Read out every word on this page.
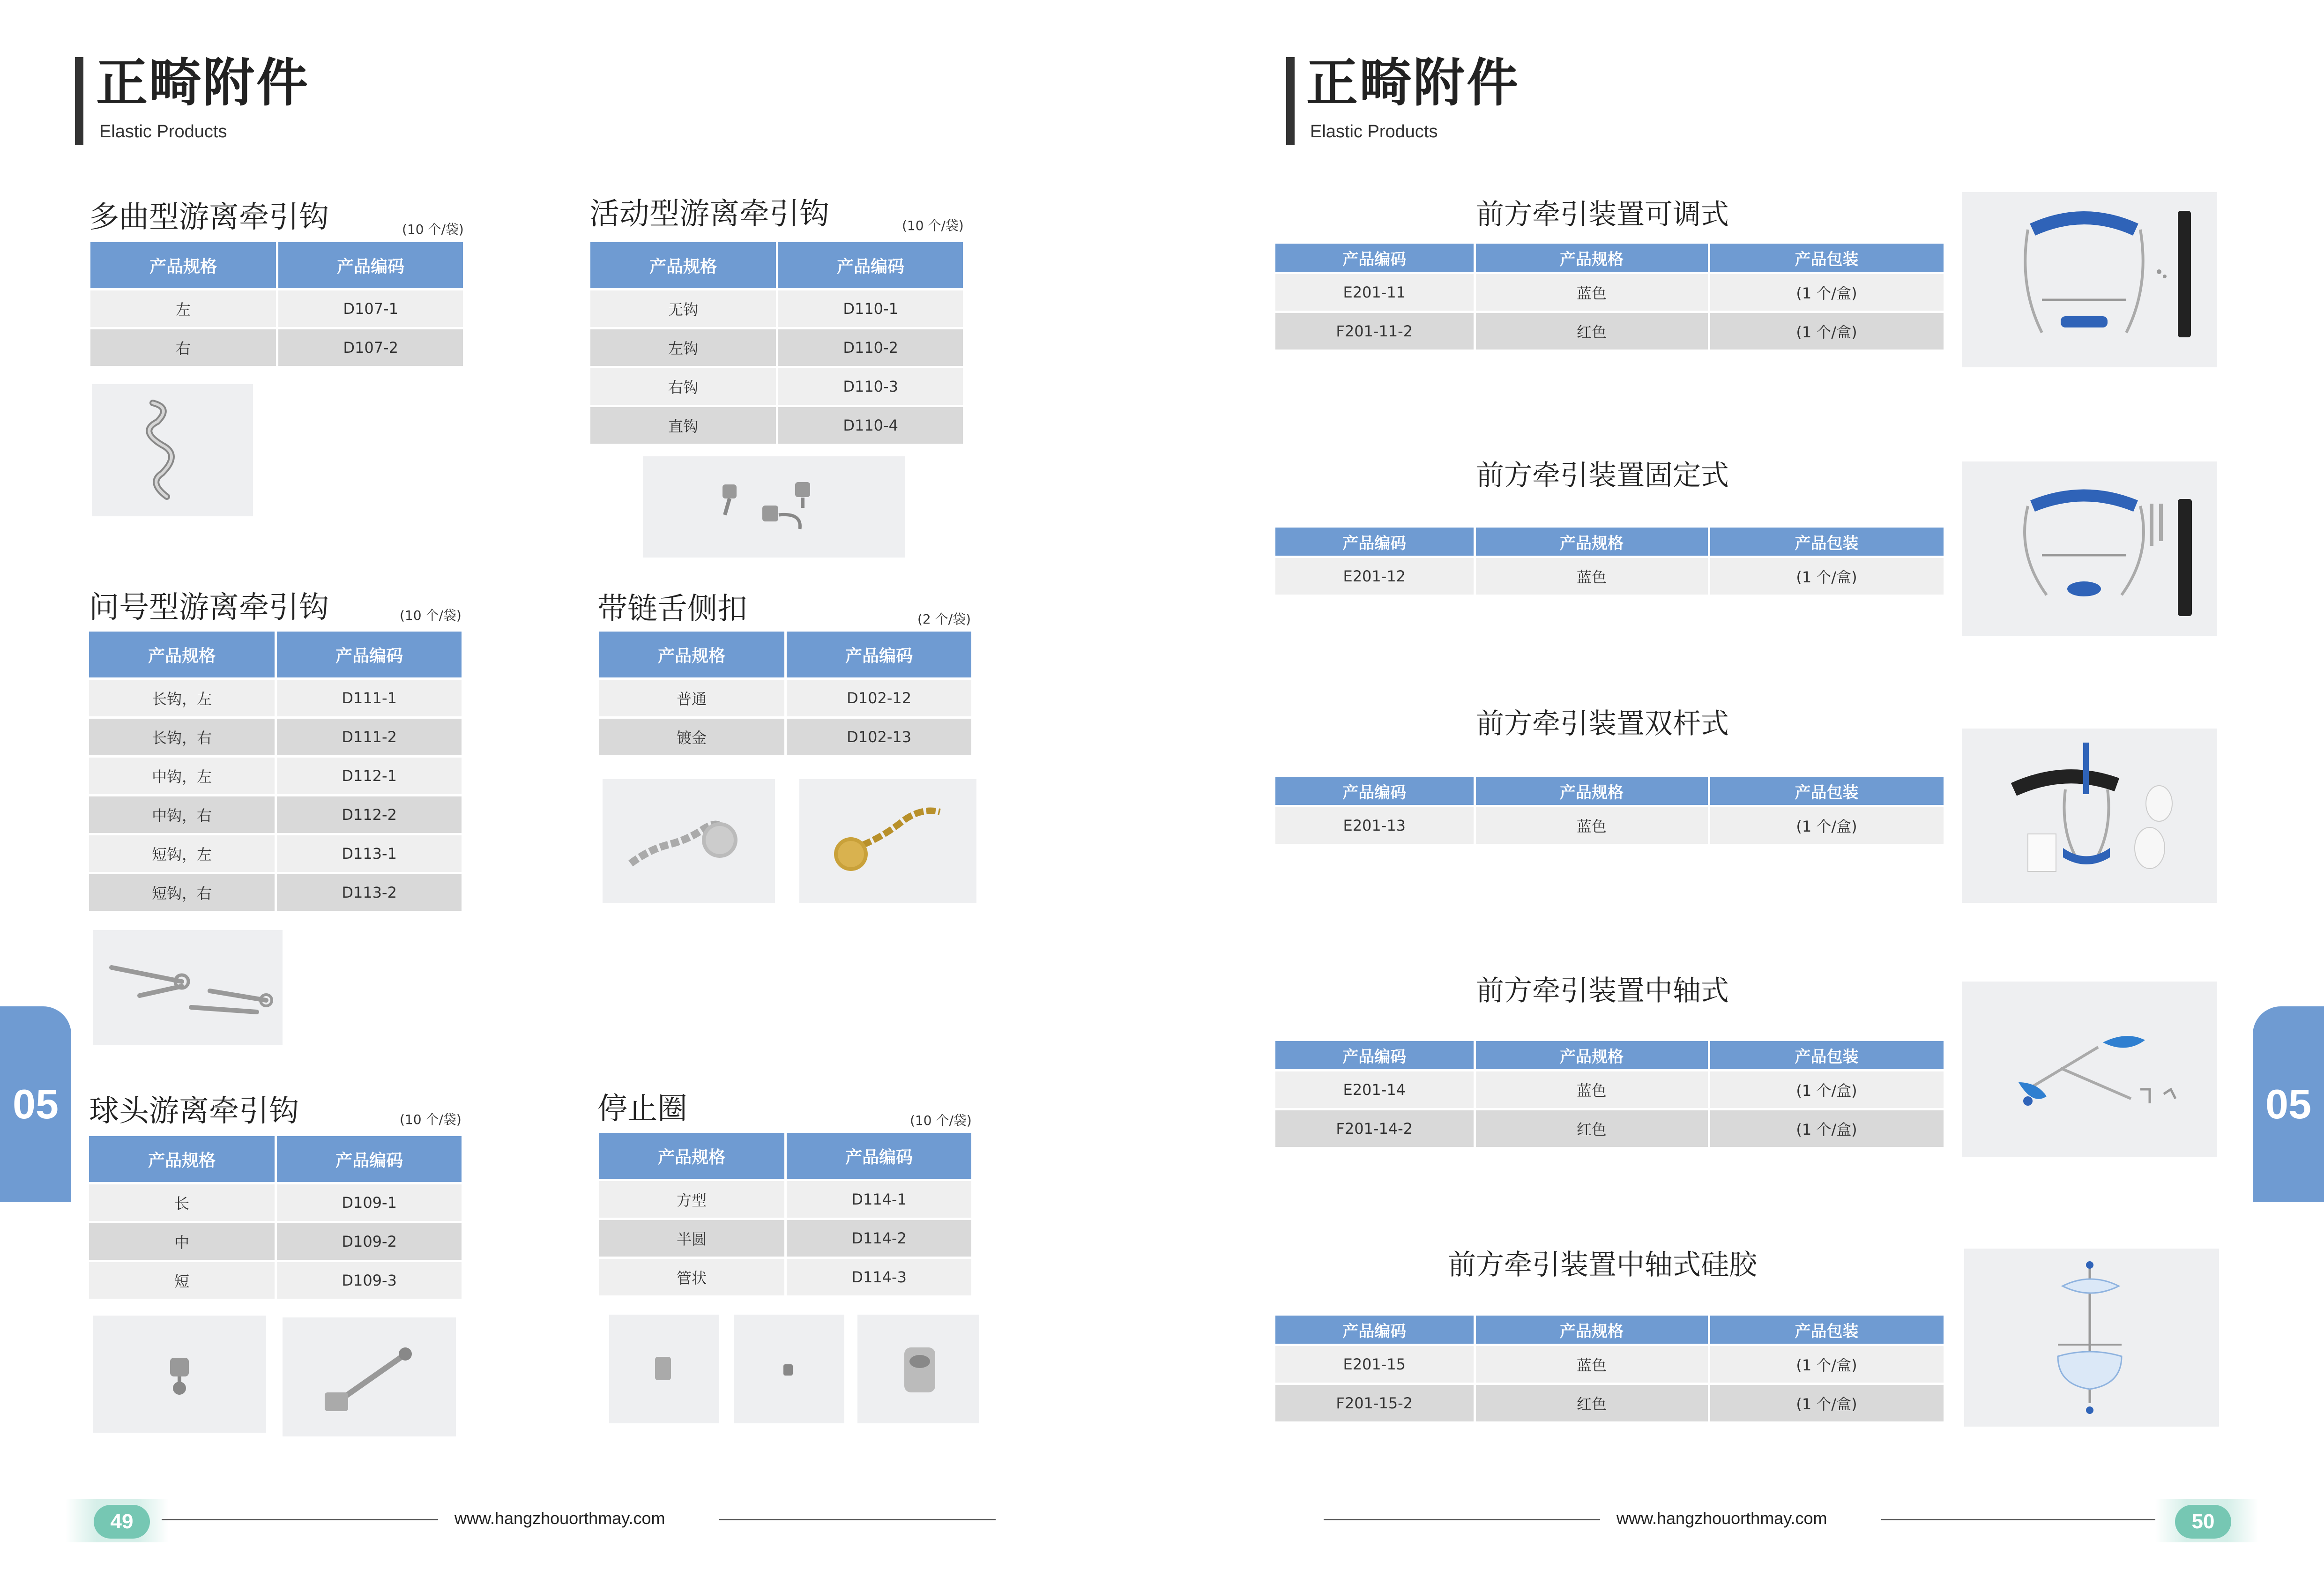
正畸附件
Elastic Products
正畸附件
Elastic Products
多曲型游离牵引钩	(10 个/袋)
产品规格	产品编码
左	D107-1
右	D107-2
活动型游离牵引钩	(10 个/袋)
产品规格	产品编码
无钩	D110-1
左钩	D110-2
右钩	D110-3
直钩	D110-4
问号型游离牵引钩	(10 个/袋)
产品规格	产品编码
长钩，左	D111-1
长钩，右	D111-2
中钩，左	D112-1
中钩，右	D112-2
短钩，左	D113-1
短钩，右	D113-2
带链舌侧扣	(2 个/袋)
产品规格	产品编码
普通	D102-12
镀金	D102-13
球头游离牵引钩	(10 个/袋)
产品规格	产品编码
长	D109-1
中	D109-2
短	D109-3
停止圈	(10 个/袋)
产品规格	产品编码
方型	D114-1
半圆	D114-2
管状	D114-3
前方牵引装置可调式
产品编码	产品规格	产品包装
E201-11	蓝色	(1 个/盒)
F201-11-2	红色	(1 个/盒)
前方牵引装置固定式
产品编码	产品规格	产品包装
E201-12	蓝色	(1 个/盒)
前方牵引装置双杆式
产品编码	产品规格	产品包装
E201-13	蓝色	(1 个/盒)
前方牵引装置中轴式
产品编码	产品规格	产品包装
E201-14	蓝色	(1 个/盒)
F201-14-2	红色	(1 个/盒)
前方牵引装置中轴式硅胶
产品编码	产品规格	产品包装
E201-15	蓝色	(1 个/盒)
F201-15-2	红色	(1 个/盒)
05	05
49	www.hangzhouorthmay.com	www.hangzhouorthmay.com	50
